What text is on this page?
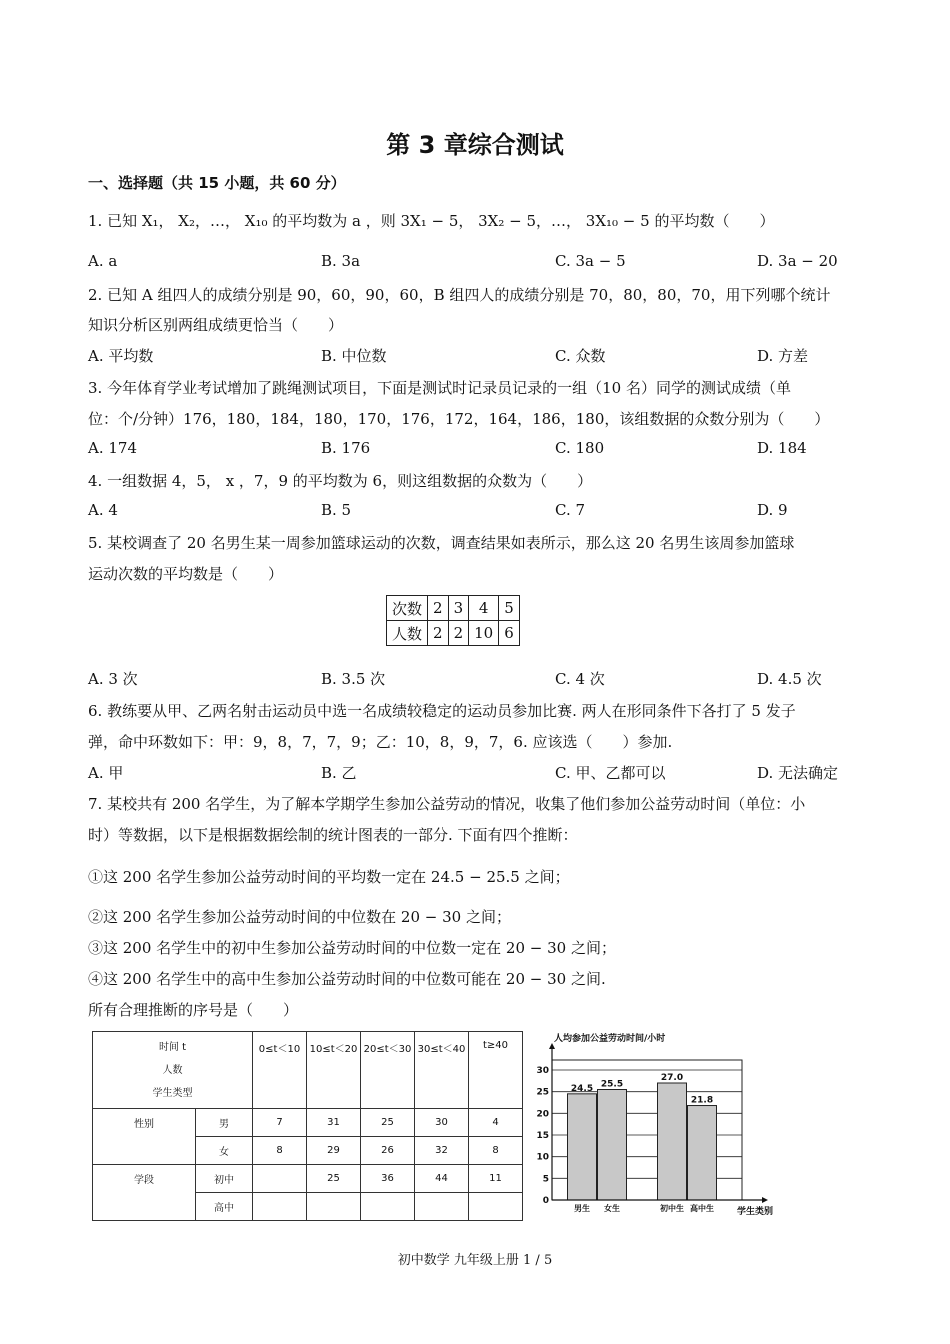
第 3 章综合测试
一、选择题（共 15 小题，共 60 分）
1. 已知 X₁， X₂，…， X₁₀ 的平均数为 a ，则 3X₁ − 5， 3X₂ − 5，…， 3X₁₀ − 5 的平均数（　　）
A. a	B. 3a	C. 3a − 5	D. 3a − 20
2. 已知 A 组四人的成绩分别是 90，60，90，60，B 组四人的成绩分别是 70，80，80，70，用下列哪个统计
知识分析区别两组成绩更恰当（　　）
A. 平均数	B. 中位数	C. 众数	D. 方差
3. 今年体育学业考试增加了跳绳测试项目，下面是测试时记录员记录的一组（10 名）同学的测试成绩（单
位：个/分钟）176，180，184，180，170，176，172，164，186，180，该组数据的众数分别为（　　）
A. 174	B. 176	C. 180	D. 184
4. 一组数据 4，5， x ，7，9 的平均数为 6，则这组数据的众数为（　　）
A. 4	B. 5	C. 7	D. 9
5. 某校调查了 20 名男生某一周参加篮球运动的次数，调查结果如表所示，那么这 20 名男生该周参加篮球
运动次数的平均数是（　　）
次数	2	3	4	5
人数	2	2	10	6
A. 3 次	B. 3.5 次	C. 4 次	D. 4.5 次
6. 教练要从甲、乙两名射击运动员中选一名成绩较稳定的运动员参加比赛. 两人在形同条件下各打了 5 发子
弹，命中环数如下：甲：9，8，7，7，9；乙：10，8，9，7，6. 应该选（　　）参加.
A. 甲	B. 乙	C. 甲、乙都可以	D. 无法确定
7. 某校共有 200 名学生，为了解本学期学生参加公益劳动的情况，收集了他们参加公益劳动时间（单位：小
时）等数据，以下是根据数据绘制的统计图表的一部分. 下面有四个推断：
①这 200 名学生参加公益劳动时间的平均数一定在 24.5 − 25.5 之间；
②这 200 名学生参加公益劳动时间的中位数在 20 − 30 之间；
③这 200 名学生中的初中生参加公益劳动时间的中位数一定在 20 − 30 之间；
④这 200 名学生中的高中生参加公益劳动时间的中位数可能在 20 − 30 之间.
所有合理推断的序号是（　　）
时间 t
人数
学生类型		0≤t＜10	10≤t＜20	20≤t＜30	30≤t＜40	t≥40
性别	男	7	31	25	30	4
	女	8	29	26	32	8
学段	初中		25	36	44	11
	高中					
人均参加公益劳动时间/小时
学生类别
24.5 25.5
27.0
21.8
0
5
10
15
20
25
30
男生 女生	初中生 高中生
初中数学 九年级上册 1 / 5
